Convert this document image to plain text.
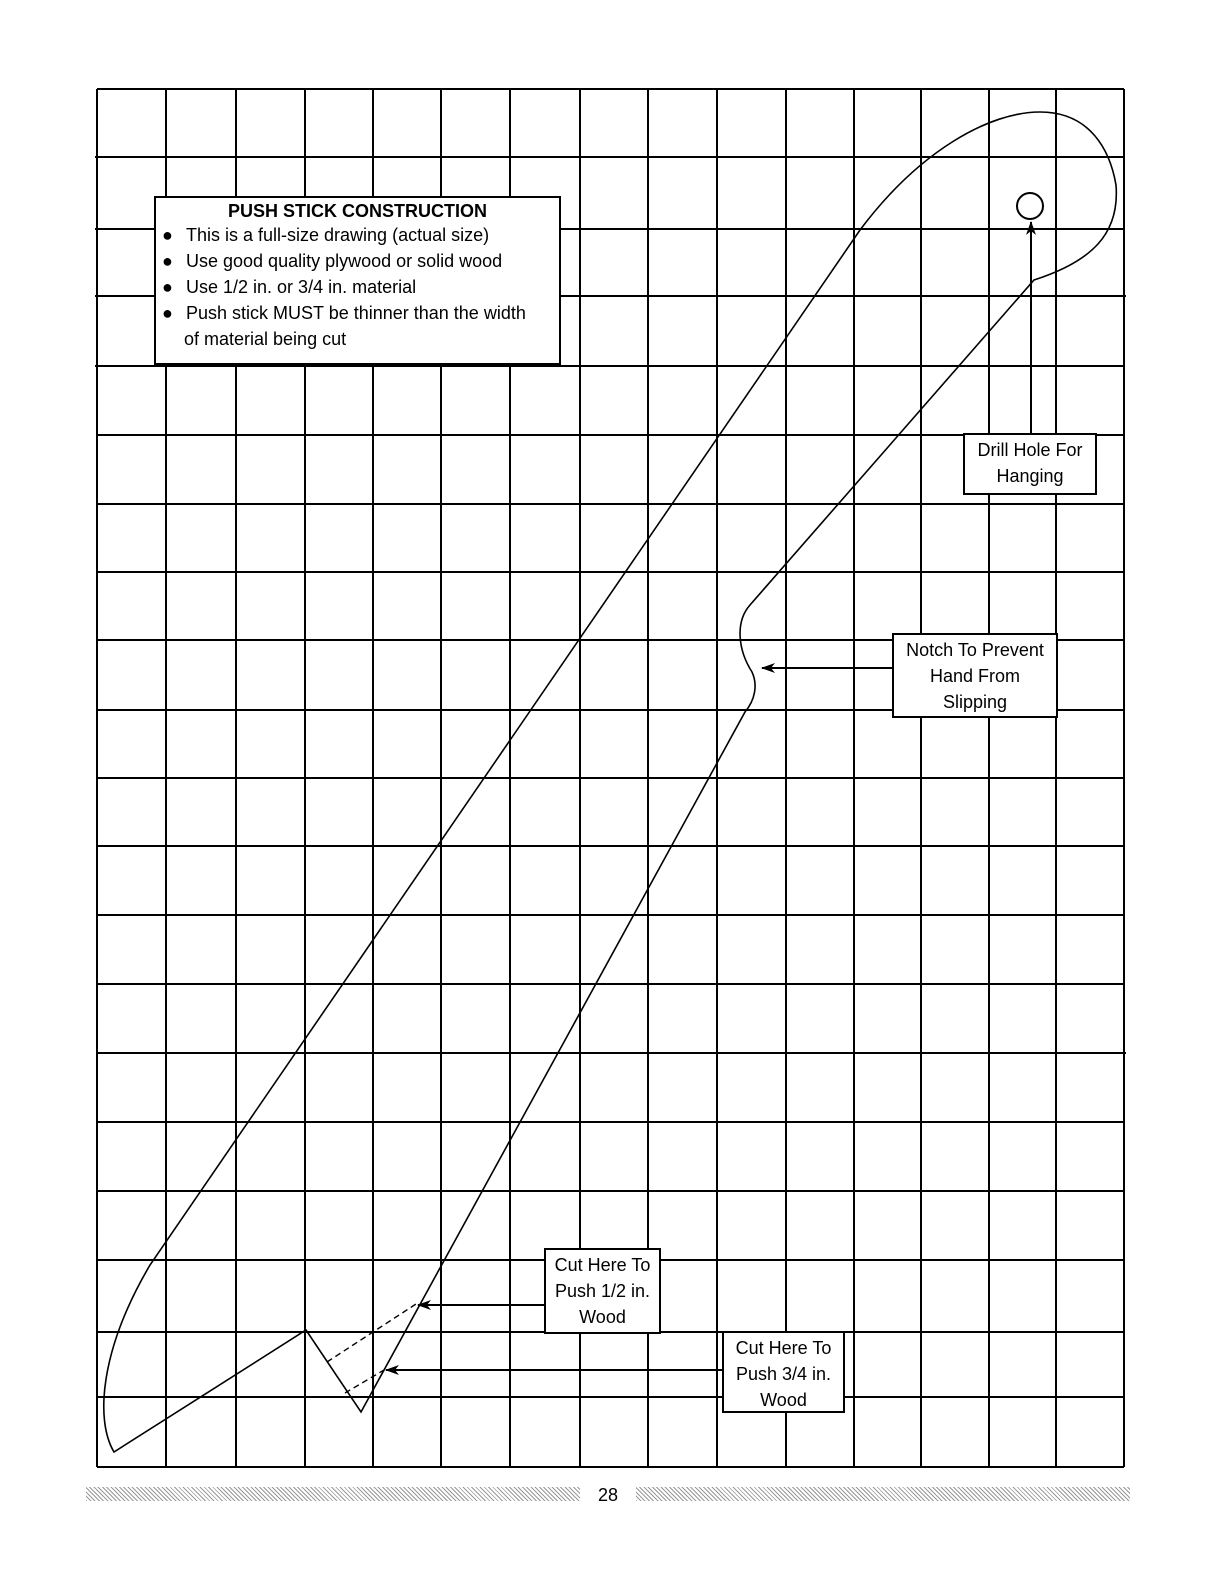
PUSH STICK CONSTRUCTION
● This is a full-size drawing (actual size)
● Use good quality plywood or solid wood
● Use 1/2 in. or 3/4 in. material
● Push stick MUST be thinner than the width
of material being cut
Drill Hole For
Hanging
Notch To Prevent
Hand From
Slipping
Cut Here To
Push 1/2 in.
Wood
Cut Here To
Push 3/4 in.
Wood
28
